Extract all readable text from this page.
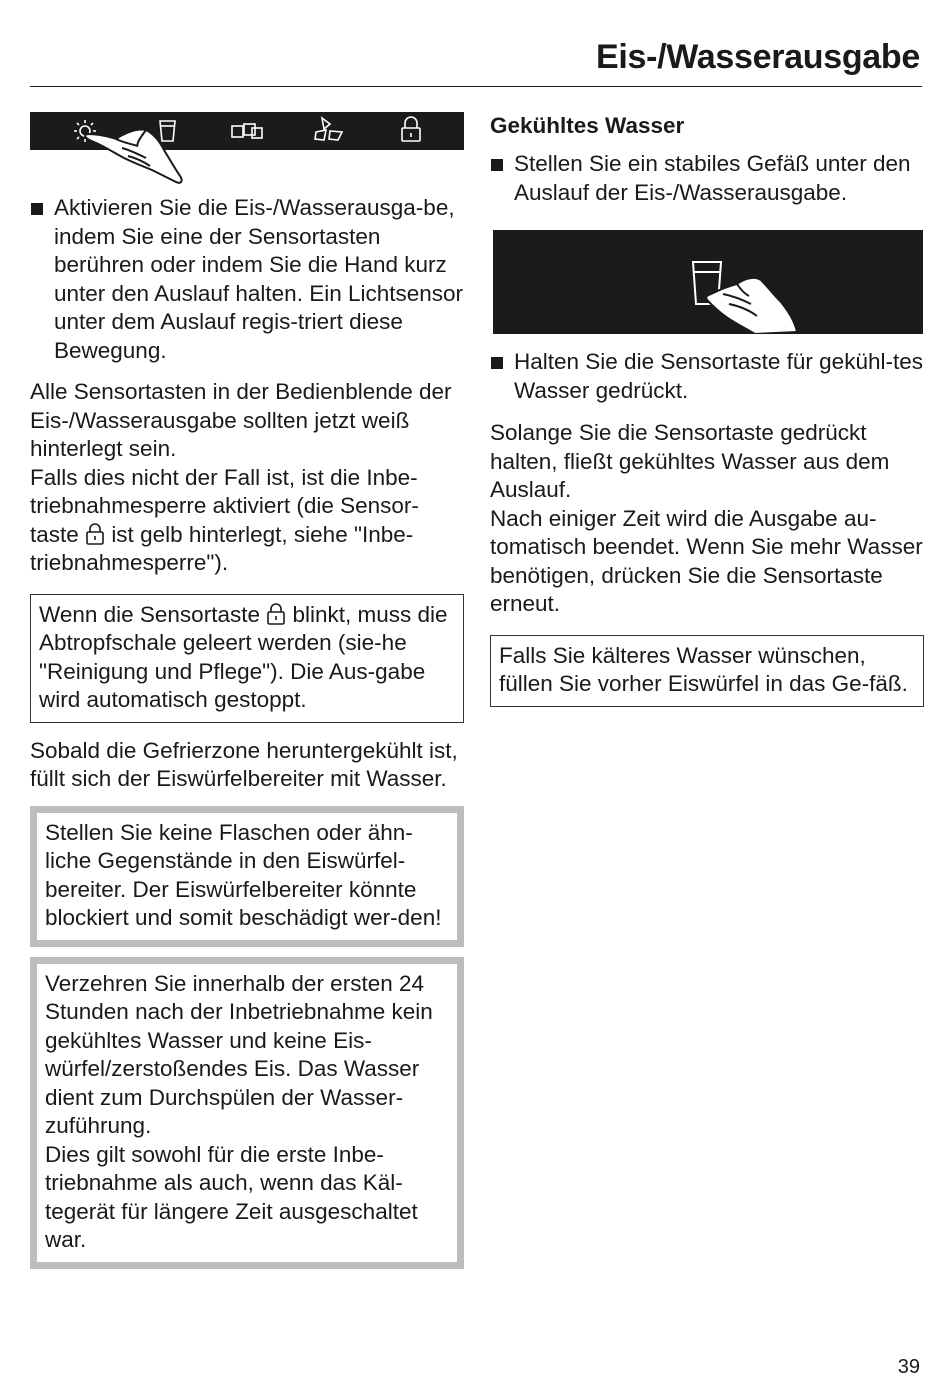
Eis-/Wasserausgabe
Aktivieren Sie die Eis-/Wasserausga-be, indem Sie eine der Sensortasten berühren oder indem Sie die Hand kurz unter den Auslauf halten. Ein Lichtsensor unter dem Auslauf regis-triert diese Bewegung.

Alle Sensortasten in der Bedienblende der Eis-/Wasserausgabe sollten jetzt weiß hinterlegt sein.

Falls dies nicht der Fall ist, ist die Inbe-triebnahmesperre aktiviert (die Sensor-taste ist gelb hinterlegt, siehe "Inbe-triebnahmesperre").

Wenn die Sensortaste blinkt, muss die Abtropfschale geleert werden (sie-he "Reinigung und Pflege"). Die Aus-gabe wird automatisch gestoppt.

Sobald die Gefrierzone heruntergekühlt ist, füllt sich der Eiswürfelbereiter mit Wasser.

Stellen Sie keine Flaschen oder ähn-liche Gegenstände in den Eiswürfel-bereiter. Der Eiswürfelbereiter könnte blockiert und somit beschädigt wer-den!
Verzehren Sie innerhalb der ersten 24 Stunden nach der Inbetriebnahme kein gekühltes Wasser und keine Eis-würfel/zerstoßendes Eis. Das Wasser dient zum Durchspülen der Wasser-zuführung.
Dies gilt sowohl für die erste Inbe-triebnahme als auch, wenn das Käl-tegerät für längere Zeit ausgeschaltet war.

Gekühltes Wasser

Stellen Sie ein stabiles Gefäß unter den Auslauf der Eis-/Wasserausgabe.
Halten Sie die Sensortaste für gekühl-tes Wasser gedrückt.

Solange Sie die Sensortaste gedrückt halten, fließt gekühltes Wasser aus dem Auslauf.

Nach einiger Zeit wird die Ausgabe au-tomatisch beendet. Wenn Sie mehr Wasser benötigen, drücken Sie die Sensortaste erneut.

Falls Sie kälteres Wasser wünschen, füllen Sie vorher Eiswürfel in das Ge-fäß.
39
